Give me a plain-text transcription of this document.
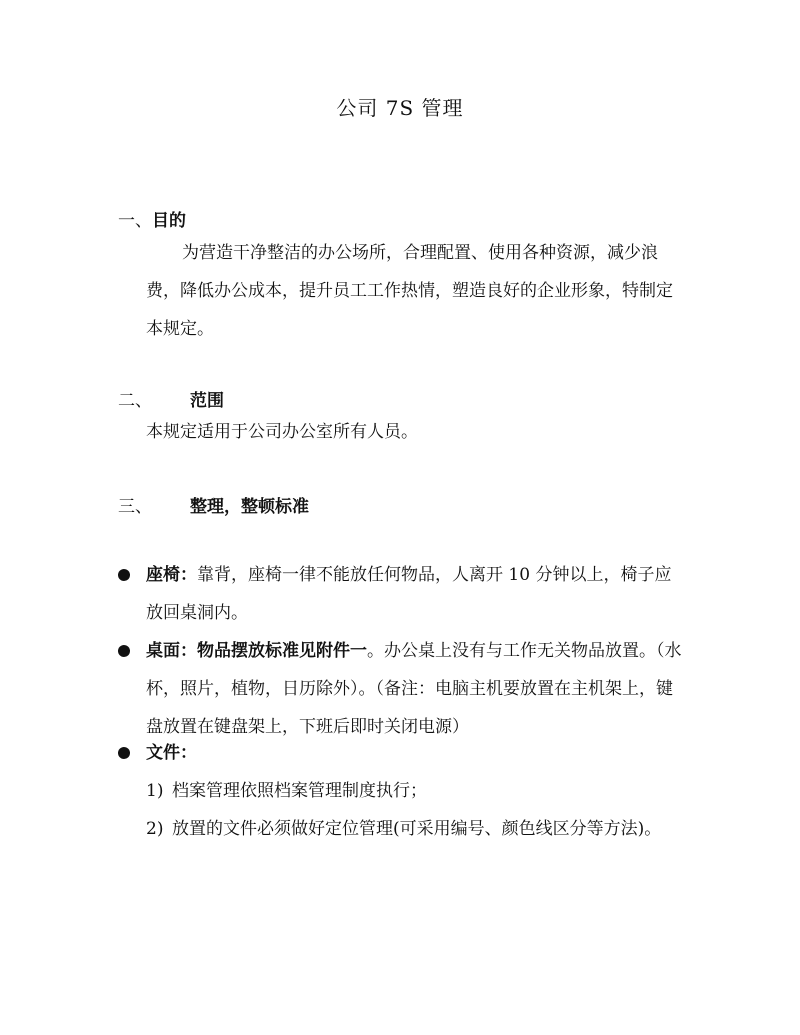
公司 7S 管理
一、目的

为营造干净整洁的办公场所，合理配置、使用各种资源，减少浪费，降低办公成本，提升员工工作热情，塑造良好的企业形象，特制定本规定。

二、 范围

本规定适用于公司办公室所有人员。

三、 整理，整顿标准
座椅：靠背，座椅一律不能放任何物品，人离开 10 分钟以上，椅子应放回桌洞内。
桌面：物品摆放标准见附件一。办公桌上没有与工作无关物品放置。（水杯，照片，植物，日历除外）。（备注：电脑主机要放置在主机架上，键盘放置在键盘架上，下班后即时关闭电源）
文件：
1) 档案管理依照档案管理制度执行；
2) 放置的文件必须做好定位管理(可采用编号、颜色线区分等方法)。
